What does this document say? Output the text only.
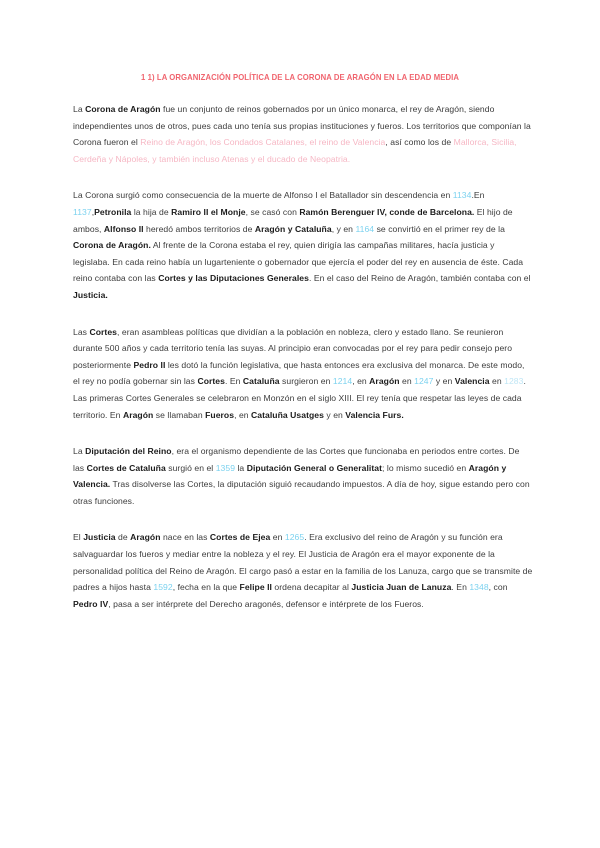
1 1) LA ORGANIZACIÓN POLÍTICA DE LA CORONA DE ARAGÓN EN LA EDAD MEDIA

La Corona de Aragón fue un conjunto de reinos gobernados por un único monarca, el rey de Aragón, siendo independientes unos de otros, pues cada uno tenía sus propias instituciones y fueros. Los territorios que componían la Corona fueron el Reino de Aragón, los Condados Catalanes, el reino de Valencia, así como los de Mallorca, Sicilia, Cerdeña y Nápoles, y también incluso Atenas y el ducado de Neopatria.

La Corona surgió como consecuencia de la muerte de Alfonso I el Batallador sin descendencia en 1134.En 1137,Petronila la hija de Ramiro II el Monje, se casó con Ramón Berenguer IV, conde de Barcelona. El hijo de ambos, Alfonso II heredó ambos territorios de Aragón y Cataluña, y en 1164 se convirtió en el primer rey de la Corona de Aragón. Al frente de la Corona estaba el rey, quien dirigía las campañas militares, hacía justicia y legislaba. En cada reino había un lugarteniente o gobernador que ejercía el poder del rey en ausencia de éste. Cada reino contaba con las Cortes y las Diputaciones Generales. En el caso del Reino de Aragón, también contaba con el Justicia.

Las Cortes, eran asambleas políticas que dividían a la población en nobleza, clero y estado llano. Se reunieron durante 500 años y cada territorio tenía las suyas. Al principio eran convocadas por el rey para pedir consejo pero posteriormente Pedro II les dotó la función legislativa, que hasta entonces era exclusiva del monarca. De este modo, el rey no podía gobernar sin las Cortes. En Cataluña surgieron en 1214, en Aragón en 1247 y en Valencia en 1283. Las primeras Cortes Generales se celebraron en Monzón en el siglo XIII. El rey tenía que respetar las leyes de cada territorio. En Aragón se llamaban Fueros, en Cataluña Usatges y en Valencia Furs.

La Diputación del Reino, era el organismo dependiente de las Cortes que funcionaba en periodos entre cortes. De las Cortes de Cataluña surgió en el 1359 la Diputación General o Generalitat; lo mismo sucedió en Aragón y Valencia. Tras disolverse las Cortes, la diputación siguió recaudando impuestos. A día de hoy, sigue estando pero con otras funciones.

El Justicia de Aragón nace en las Cortes de Ejea en 1265. Era exclusivo del reino de Aragón y su función era salvaguardar los fueros y mediar entre la nobleza y el rey. El Justicia de Aragón era el mayor exponente de la personalidad política del Reino de Aragón. El cargo pasó a estar en la familia de los Lanuza, cargo que se transmite de padres a hijos hasta 1592, fecha en la que Felipe II ordena decapitar al Justicia Juan de Lanuza. En 1348, con Pedro IV, pasa a ser intérprete del Derecho aragonés, defensor e intérprete de los Fueros.
